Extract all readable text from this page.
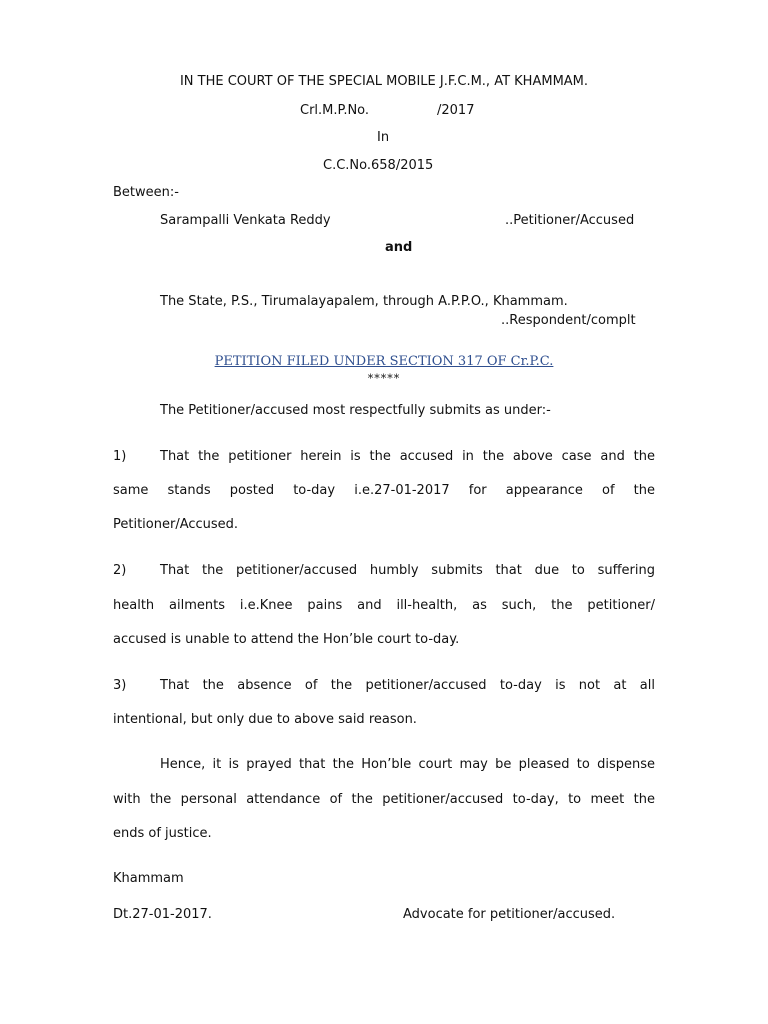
IN THE COURT OF THE SPECIAL MOBILE J.F.C.M., AT KHAMMAM.
Crl.M.P.No.	/2017
In
C.C.No.658/2015
Between:-
Sarampalli Venkata Reddy	..Petitioner/Accused
and
The State, P.S., Tirumalayapalem, through A.P.P.O., Khammam.
..Respondent/complt
PETITION FILED UNDER SECTION 317 OF Cr.P.C.
*****
The Petitioner/accused most respectfully submits as under:-
1)	That the petitioner herein is the accused in the above case and the
same stands posted to-day i.e.27-01-2017 for appearance of the
Petitioner/Accused.
2)	That the petitioner/accused humbly submits that due to suffering
health ailments i.e.Knee pains and ill-health, as such, the petitioner/
accused is unable to attend the Hon’ble court to-day.
3)	That the absence of the petitioner/accused to-day is not at all
intentional, but only due to above said reason.
Hence, it is prayed that the Hon’ble court may be pleased to dispense
with the personal attendance of the petitioner/accused to-day, to meet the
ends of justice.
Khammam
Dt.27-01-2017.	Advocate for petitioner/accused.
